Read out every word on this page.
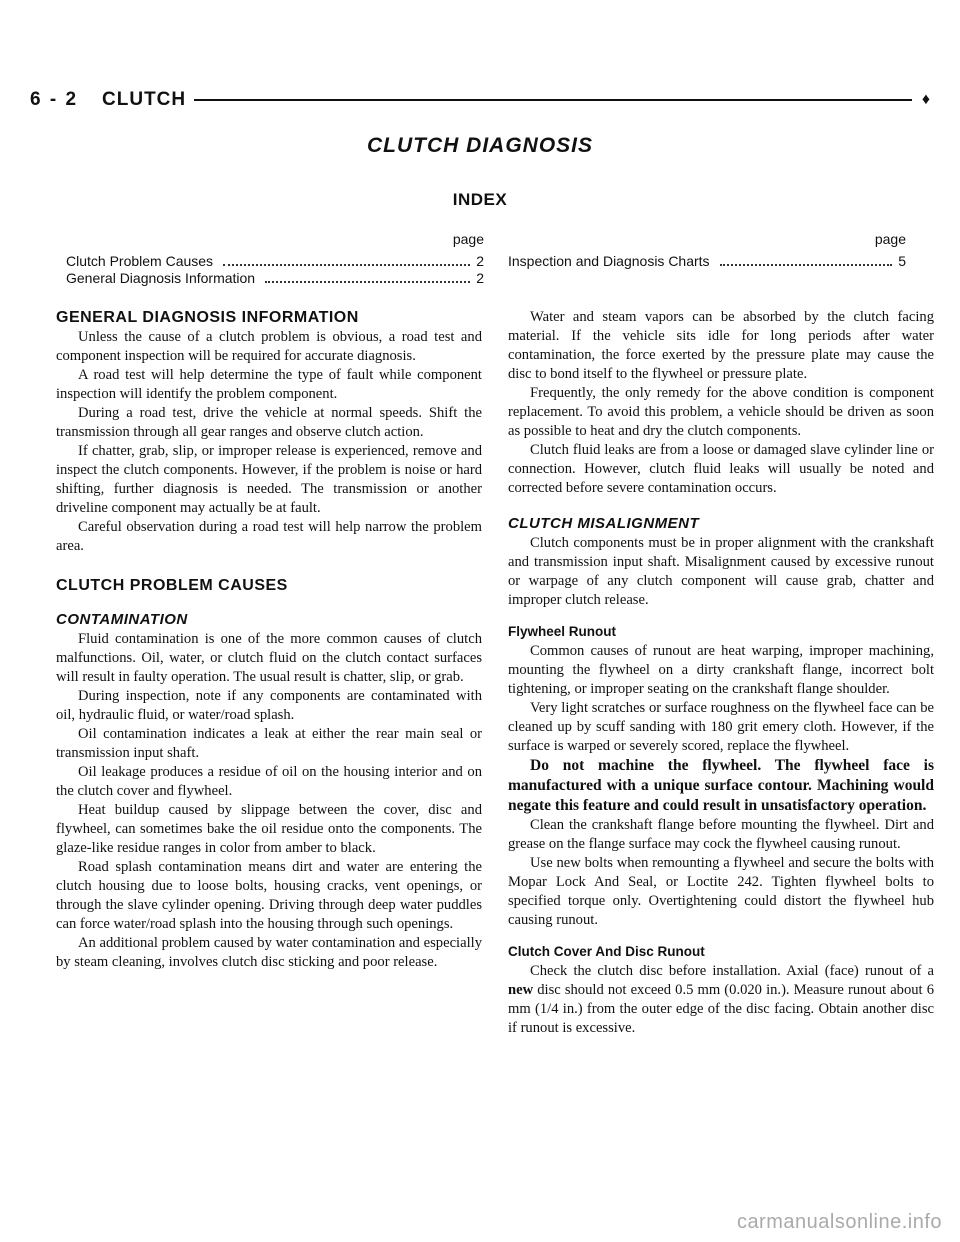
6 - 2 CLUTCH	♦
CLUTCH DIAGNOSIS
INDEX
page
Clutch Problem Causes	2
General Diagnosis Information	2
page
Inspection and Diagnosis Charts	5
GENERAL DIAGNOSIS INFORMATION

Unless the cause of a clutch problem is obvious, a road test and component inspection will be required for accurate diagnosis.

A road test will help determine the type of fault while component inspection will identify the problem component.

During a road test, drive the vehicle at normal speeds. Shift the transmission through all gear ranges and observe clutch action.

If chatter, grab, slip, or improper release is experienced, remove and inspect the clutch components. However, if the problem is noise or hard shifting, further diagnosis is needed. The transmission or another driveline component may actually be at fault.

Careful observation during a road test will help narrow the problem area.

CLUTCH PROBLEM CAUSES
CONTAMINATION

Fluid contamination is one of the more common causes of clutch malfunctions. Oil, water, or clutch fluid on the clutch contact surfaces will result in faulty operation. The usual result is chatter, slip, or grab.

During inspection, note if any components are contaminated with oil, hydraulic fluid, or water/road splash.

Oil contamination indicates a leak at either the rear main seal or transmission input shaft.

Oil leakage produces a residue of oil on the housing interior and on the clutch cover and flywheel.

Heat buildup caused by slippage between the cover, disc and flywheel, can sometimes bake the oil residue onto the components. The glaze-like residue ranges in color from amber to black.

Road splash contamination means dirt and water are entering the clutch housing due to loose bolts, housing cracks, vent openings, or through the slave cylinder opening. Driving through deep water puddles can force water/road splash into the housing through such openings.

An additional problem caused by water contamination and especially by steam cleaning, involves clutch disc sticking and poor release.

Water and steam vapors can be absorbed by the clutch facing material. If the vehicle sits idle for long periods after water contamination, the force exerted by the pressure plate may cause the disc to bond itself to the flywheel or pressure plate.

Frequently, the only remedy for the above condition is component replacement. To avoid this problem, a vehicle should be driven as soon as possible to heat and dry the clutch components.

Clutch fluid leaks are from a loose or damaged slave cylinder line or connection. However, clutch fluid leaks will usually be noted and corrected before severe contamination occurs.

CLUTCH MISALIGNMENT

Clutch components must be in proper alignment with the crankshaft and transmission input shaft. Misalignment caused by excessive runout or warpage of any clutch component will cause grab, chatter and improper clutch release.

Flywheel Runout

Common causes of runout are heat warping, improper machining, mounting the flywheel on a dirty crankshaft flange, incorrect bolt tightening, or improper seating on the crankshaft flange shoulder.

Very light scratches or surface roughness on the flywheel face can be cleaned up by scuff sanding with 180 grit emery cloth. However, if the surface is warped or severely scored, replace the flywheel.

Do not machine the flywheel. The flywheel face is manufactured with a unique surface contour. Machining would negate this feature and could result in unsatisfactory operation.

Clean the crankshaft flange before mounting the flywheel. Dirt and grease on the flange surface may cock the flywheel causing runout.

Use new bolts when remounting a flywheel and secure the bolts with Mopar Lock And Seal, or Loctite 242. Tighten flywheel bolts to specified torque only. Overtightening could distort the flywheel hub causing runout.

Clutch Cover And Disc Runout

Check the clutch disc before installation. Axial (face) runout of a new disc should not exceed 0.5 mm (0.020 in.). Measure runout about 6 mm (1/4 in.) from the outer edge of the disc facing. Obtain another disc if runout is excessive.

carmanualsonline.info
